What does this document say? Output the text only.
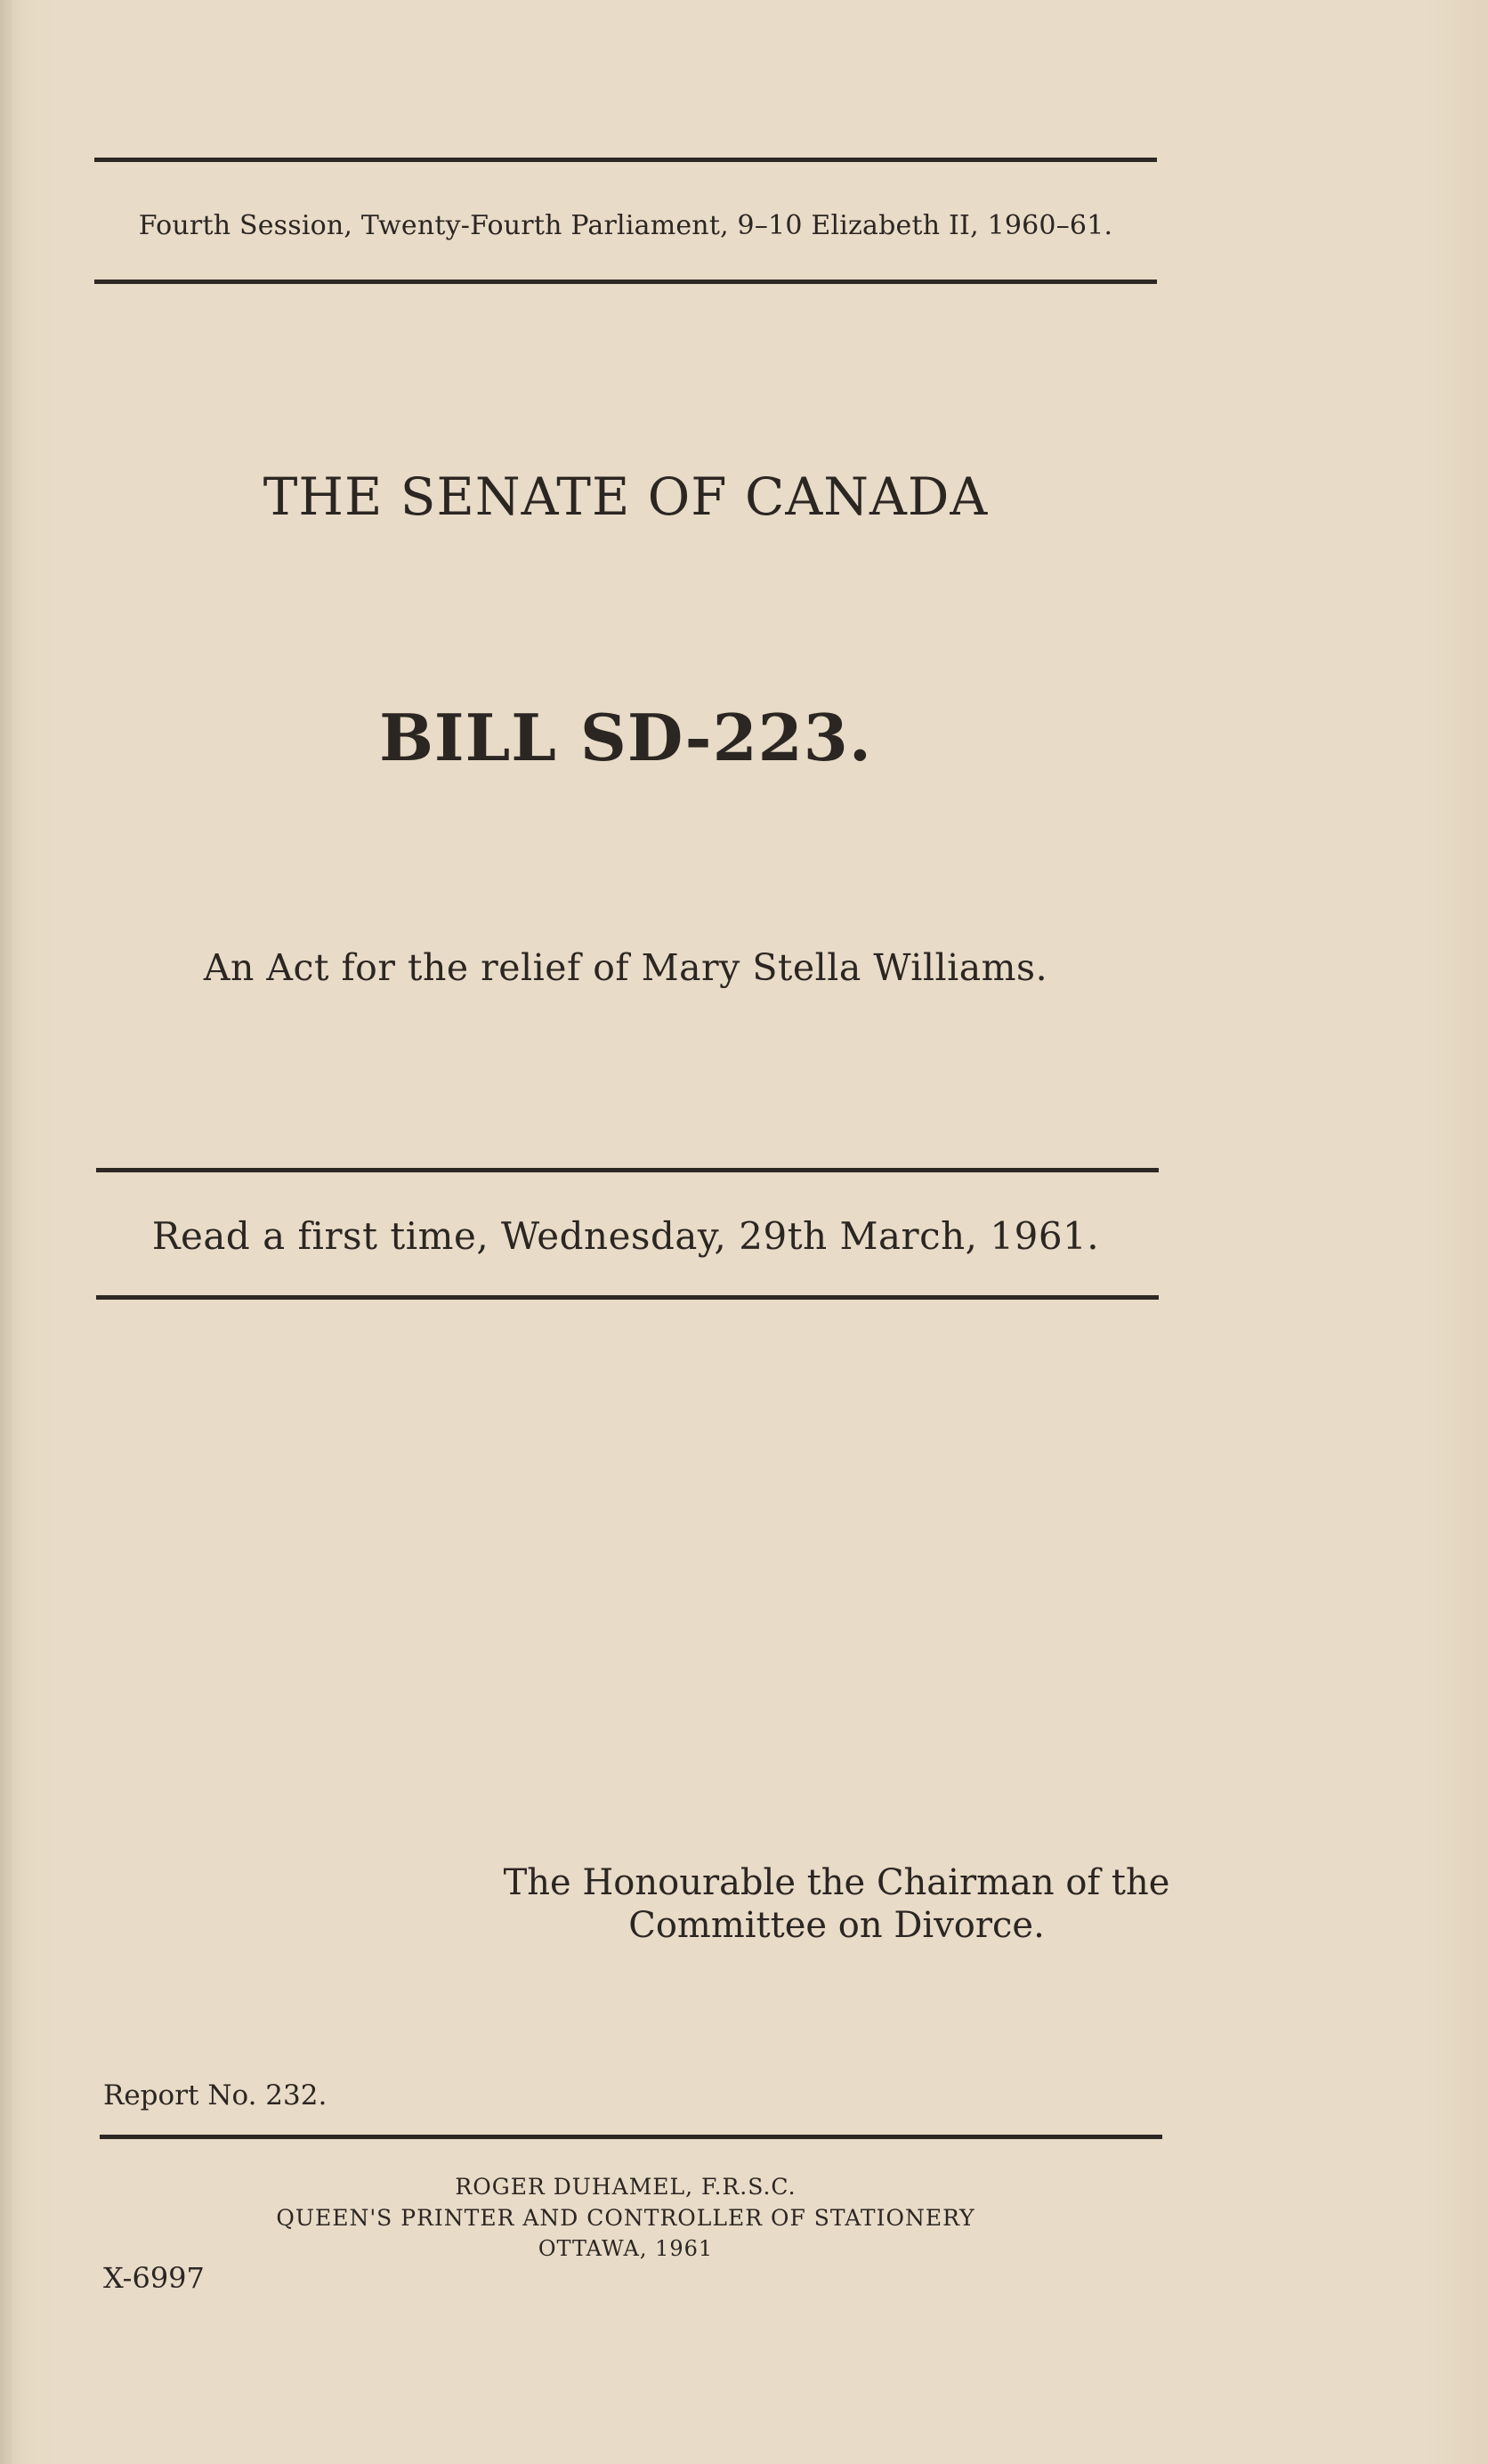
Fourth Session, Twenty-Fourth Parliament, 9–10 Elizabeth II, 1960–61.
THE SENATE OF CANADA
BILL SD-223.
An Act for the relief of Mary Stella Williams.
Read a first time, Wednesday, 29th March, 1961.
The Honourable the Chairman of the
Committee on Divorce.
Report No. 232.
ROGER DUHAMEL, F.R.S.C.
QUEEN'S PRINTER AND CONTROLLER OF STATIONERY
OTTAWA, 1961
X-6997
